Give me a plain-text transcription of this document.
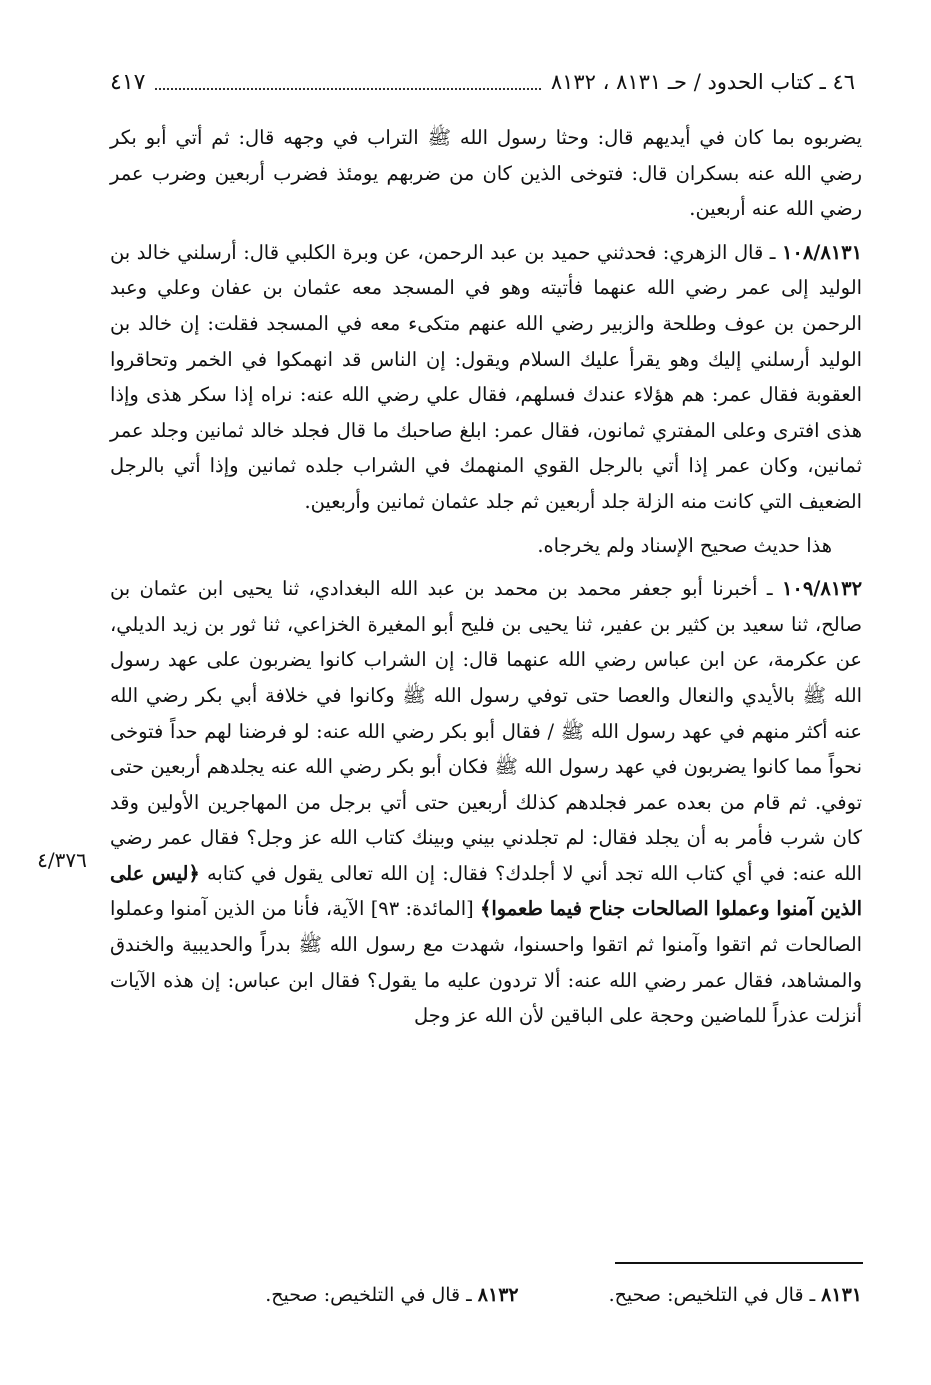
٤٦ ـ كتاب الحدود / حـ ٨١٣١ ، ٨١٣٢
٤١٧

يضربوه بما كان في أيديهم قال: وحثا رسول الله ﷺ التراب في وجهه قال: ثم أتي أبو بكر رضي الله عنه بسكران قال: فتوخى الذين كان من ضربهم يومئذ فضرب أربعين وضرب عمر رضي الله عنه أربعين.

١٠٨/٨١٣١ ـ قال الزهري: فحدثني حميد بن عبد الرحمن، عن وبرة الكلبي قال: أرسلني خالد بن الوليد إلى عمر رضي الله عنهما فأتيته وهو في المسجد معه عثمان بن عفان وعلي وعبد الرحمن بن عوف وطلحة والزبير رضي الله عنهم متكىء معه في المسجد فقلت: إن خالد بن الوليد أرسلني إليك وهو يقرأ عليك السلام ويقول: إن الناس قد انهمكوا في الخمر وتحاقروا العقوبة فقال عمر: هم هؤلاء عندك فسلهم، فقال علي رضي الله عنه: نراه إذا سكر هذى وإذا هذى افترى وعلى المفتري ثمانون، فقال عمر: ابلغ صاحبك ما قال فجلد خالد ثمانين وجلد عمر ثمانين، وكان عمر إذا أتي بالرجل القوي المنهمك في الشراب جلده ثمانين وإذا أتي بالرجل الضعيف التي كانت منه الزلة جلد أربعين ثم جلد عثمان ثمانين وأربعين.

هذا حديث صحيح الإسناد ولم يخرجاه.

١٠٩/٨١٣٢ ـ أخبرنا أبو جعفر محمد بن محمد بن عبد الله البغدادي، ثنا يحيى ابن عثمان بن صالح، ثنا سعيد بن كثير بن عفير، ثنا يحيى بن فليح أبو المغيرة الخزاعي، ثنا ثور بن زيد الديلي، عن عكرمة، عن ابن عباس رضي الله عنهما قال: إن الشراب كانوا يضربون على عهد رسول الله ﷺ بالأيدي والنعال والعصا حتى توفي رسول الله ﷺ وكانوا في خلافة أبي بكر رضي الله عنه أكثر منهم في عهد رسول الله ﷺ / فقال أبو بكر رضي الله عنه: لو فرضنا لهم حداً فتوخى نحواً مما كانوا يضربون في عهد رسول الله ﷺ فكان أبو بكر رضي الله عنه يجلدهم أربعين حتى توفي. ثم قام من بعده عمر فجلدهم كذلك أربعين حتى أتي برجل من المهاجرين الأولين وقد كان شرب فأمر به أن يجلد فقال: لم تجلدني بيني وبينك كتاب الله عز وجل؟ فقال عمر رضي الله عنه: في أي كتاب الله تجد أني لا أجلدك؟ فقال: إن الله تعالى يقول في كتابه ﴿ليس على الذين آمنوا وعملوا الصالحات جناح فيما طعموا﴾ [المائدة: ٩٣] الآية، فأنا من الذين آمنوا وعملوا الصالحات ثم اتقوا وآمنوا ثم اتقوا واحسنوا، شهدت مع رسول الله ﷺ بدراً والحديبية والخندق والمشاهد، فقال عمر رضي الله عنه: ألا تردون عليه ما يقول؟ فقال ابن عباس: إن هذه الآيات أنزلت عذراً للماضين وحجة على الباقين لأن الله عز وجل

٤/٣٧٦
٨١٣١ ـ قال في التلخيص: صحيح.
٨١٣٢ ـ قال في التلخيص: صحيح.
